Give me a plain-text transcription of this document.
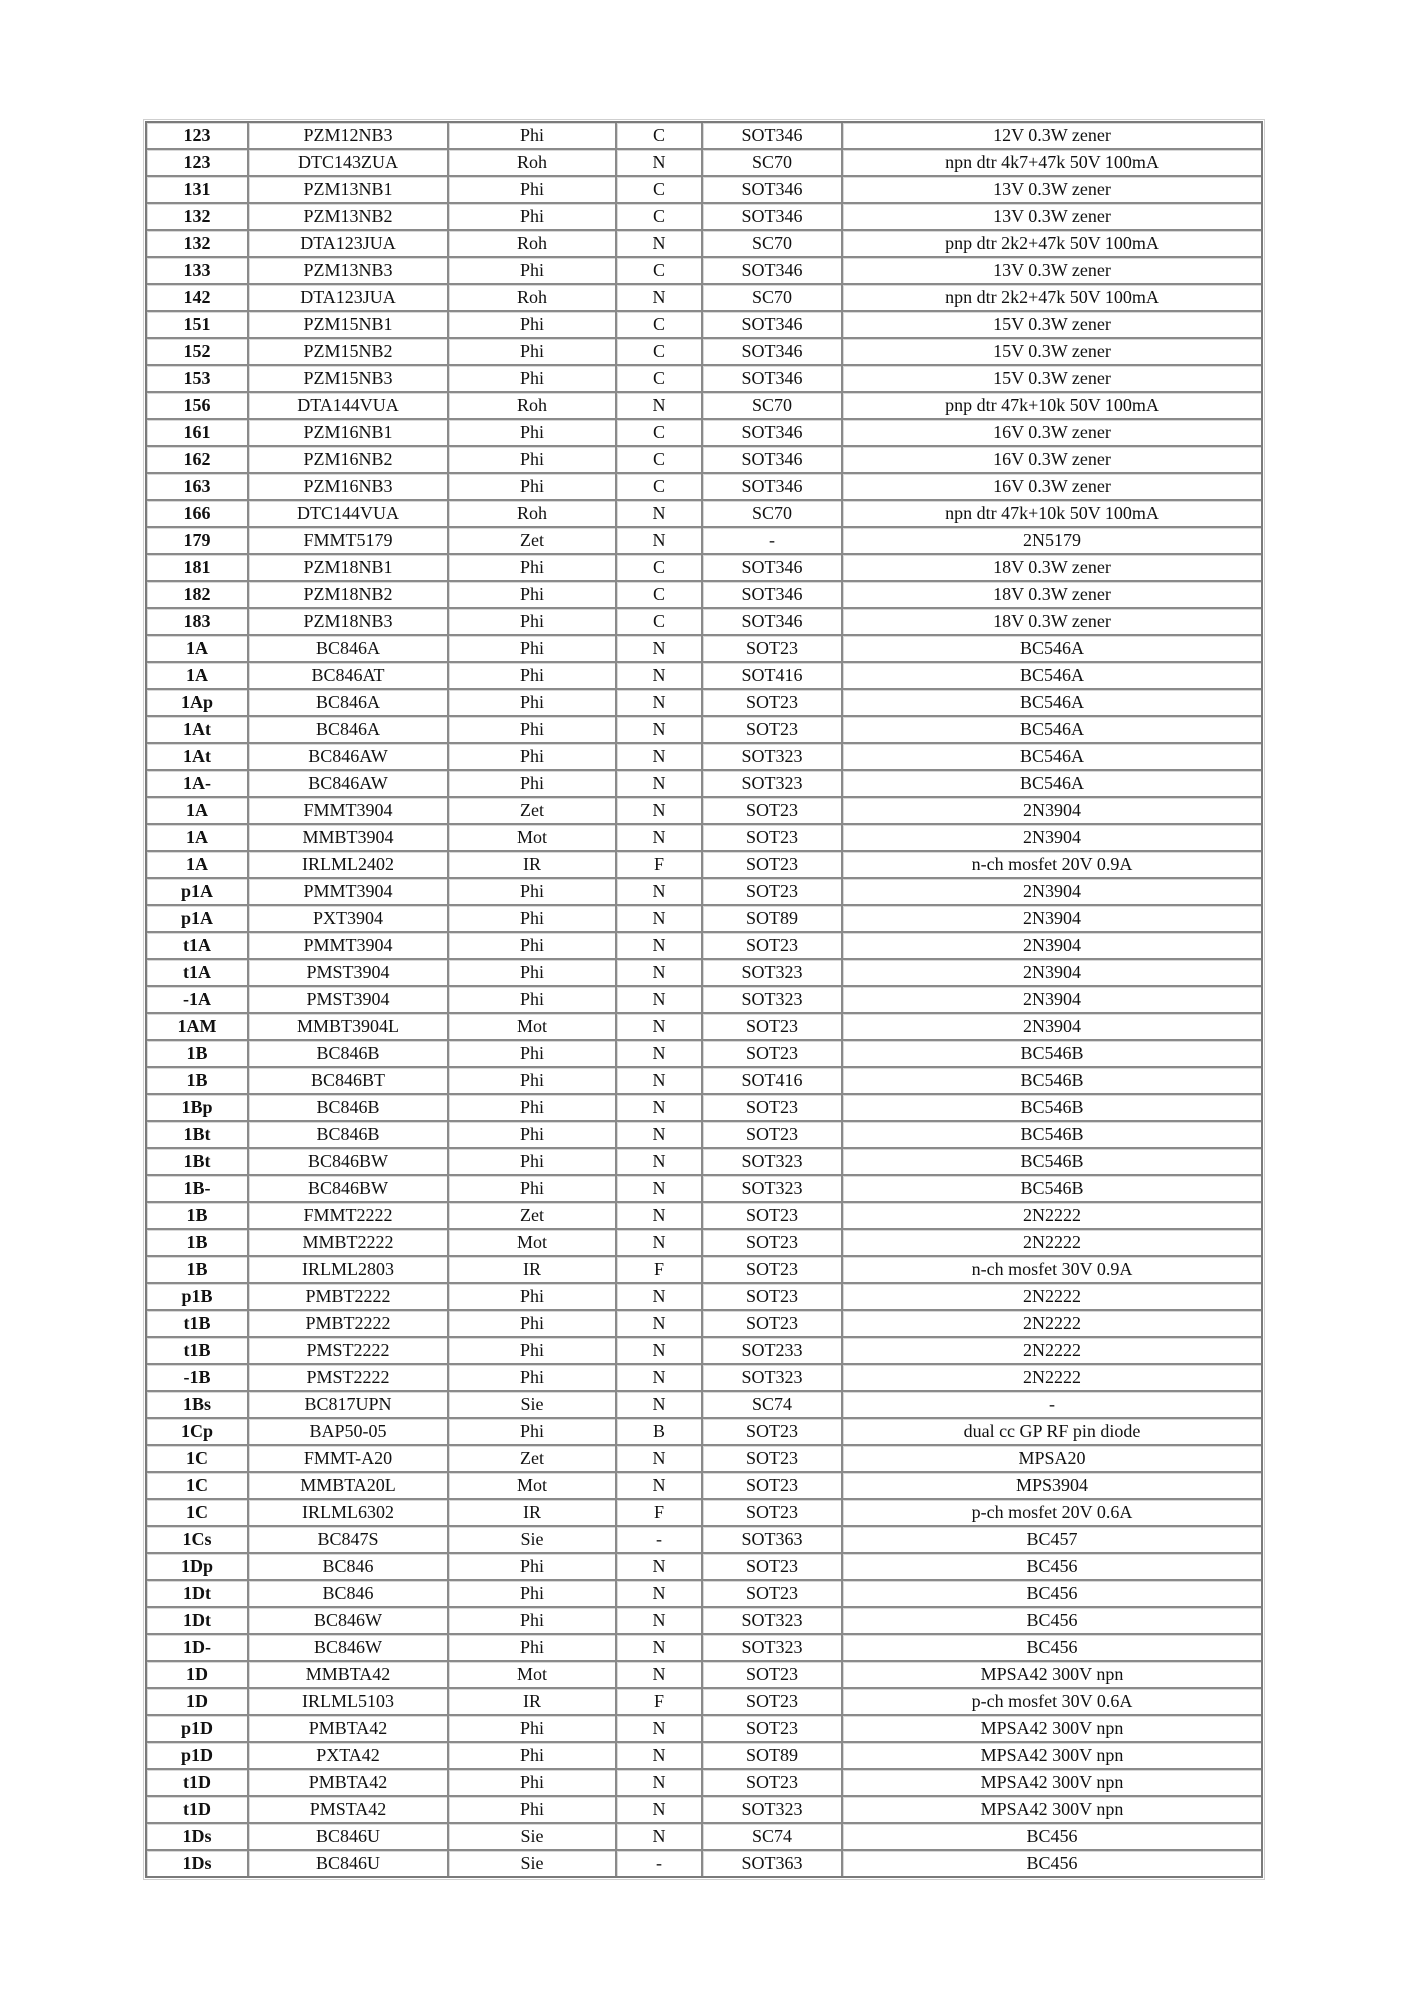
123	PZM12NB3	Phi	C	SOT346	12V 0.3W zener
123	DTC143ZUA	Roh	N	SC70	npn dtr 4k7+47k 50V 100mA
131	PZM13NB1	Phi	C	SOT346	13V 0.3W zener
132	PZM13NB2	Phi	C	SOT346	13V 0.3W zener
132	DTA123JUA	Roh	N	SC70	pnp dtr 2k2+47k 50V 100mA
133	PZM13NB3	Phi	C	SOT346	13V 0.3W zener
142	DTA123JUA	Roh	N	SC70	npn dtr 2k2+47k 50V 100mA
151	PZM15NB1	Phi	C	SOT346	15V 0.3W zener
152	PZM15NB2	Phi	C	SOT346	15V 0.3W zener
153	PZM15NB3	Phi	C	SOT346	15V 0.3W zener
156	DTA144VUA	Roh	N	SC70	pnp dtr 47k+10k 50V 100mA
161	PZM16NB1	Phi	C	SOT346	16V 0.3W zener
162	PZM16NB2	Phi	C	SOT346	16V 0.3W zener
163	PZM16NB3	Phi	C	SOT346	16V 0.3W zener
166	DTC144VUA	Roh	N	SC70	npn dtr 47k+10k 50V 100mA
179	FMMT5179	Zet	N	-	2N5179
181	PZM18NB1	Phi	C	SOT346	18V 0.3W zener
182	PZM18NB2	Phi	C	SOT346	18V 0.3W zener
183	PZM18NB3	Phi	C	SOT346	18V 0.3W zener
1A	BC846A	Phi	N	SOT23	BC546A
1A	BC846AT	Phi	N	SOT416	BC546A
1Ap	BC846A	Phi	N	SOT23	BC546A
1At	BC846A	Phi	N	SOT23	BC546A
1At	BC846AW	Phi	N	SOT323	BC546A
1A-	BC846AW	Phi	N	SOT323	BC546A
1A	FMMT3904	Zet	N	SOT23	2N3904
1A	MMBT3904	Mot	N	SOT23	2N3904
1A	IRLML2402	IR	F	SOT23	n-ch mosfet 20V 0.9A
p1A	PMMT3904	Phi	N	SOT23	2N3904
p1A	PXT3904	Phi	N	SOT89	2N3904
t1A	PMMT3904	Phi	N	SOT23	2N3904
t1A	PMST3904	Phi	N	SOT323	2N3904
-1A	PMST3904	Phi	N	SOT323	2N3904
1AM	MMBT3904L	Mot	N	SOT23	2N3904
1B	BC846B	Phi	N	SOT23	BC546B
1B	BC846BT	Phi	N	SOT416	BC546B
1Bp	BC846B	Phi	N	SOT23	BC546B
1Bt	BC846B	Phi	N	SOT23	BC546B
1Bt	BC846BW	Phi	N	SOT323	BC546B
1B-	BC846BW	Phi	N	SOT323	BC546B
1B	FMMT2222	Zet	N	SOT23	2N2222
1B	MMBT2222	Mot	N	SOT23	2N2222
1B	IRLML2803	IR	F	SOT23	n-ch mosfet 30V 0.9A
p1B	PMBT2222	Phi	N	SOT23	2N2222
t1B	PMBT2222	Phi	N	SOT23	2N2222
t1B	PMST2222	Phi	N	SOT233	2N2222
-1B	PMST2222	Phi	N	SOT323	2N2222
1Bs	BC817UPN	Sie	N	SC74	-
1Cp	BAP50-05	Phi	B	SOT23	dual cc GP RF pin diode
1C	FMMT-A20	Zet	N	SOT23	MPSA20
1C	MMBTA20L	Mot	N	SOT23	MPS3904
1C	IRLML6302	IR	F	SOT23	p-ch mosfet 20V 0.6A
1Cs	BC847S	Sie	-	SOT363	BC457
1Dp	BC846	Phi	N	SOT23	BC456
1Dt	BC846	Phi	N	SOT23	BC456
1Dt	BC846W	Phi	N	SOT323	BC456
1D-	BC846W	Phi	N	SOT323	BC456
1D	MMBTA42	Mot	N	SOT23	MPSA42 300V npn
1D	IRLML5103	IR	F	SOT23	p-ch mosfet 30V 0.6A
p1D	PMBTA42	Phi	N	SOT23	MPSA42 300V npn
p1D	PXTA42	Phi	N	SOT89	MPSA42 300V npn
t1D	PMBTA42	Phi	N	SOT23	MPSA42 300V npn
t1D	PMSTA42	Phi	N	SOT323	MPSA42 300V npn
1Ds	BC846U	Sie	N	SC74	BC456
1Ds	BC846U	Sie	-	SOT363	BC456
